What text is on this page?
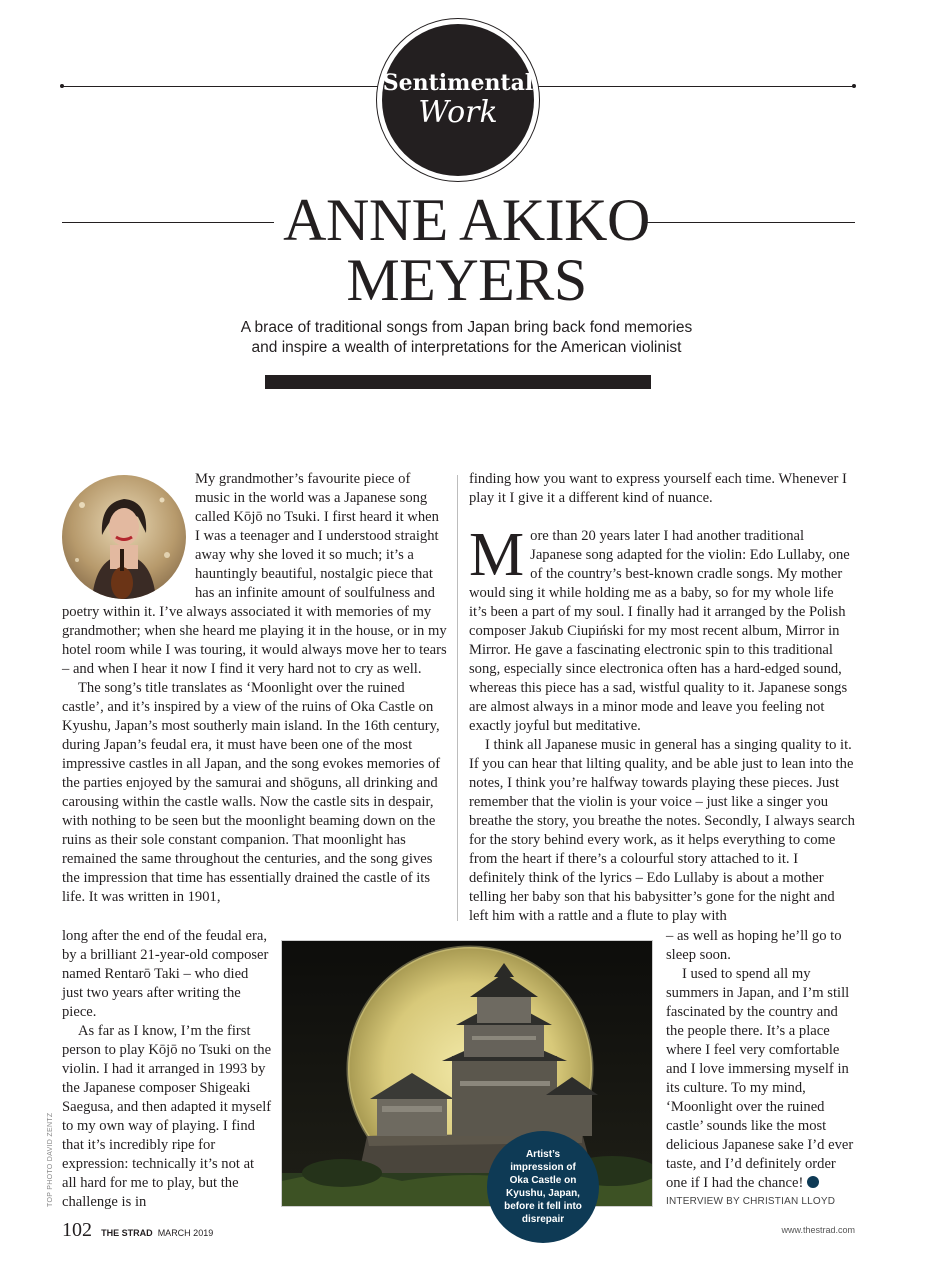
Sentimental
Work
ANNE AKIKO
MEYERS
A brace of traditional songs from Japan bring back fond memories
and inspire a wealth of interpretations for the American violinist
My grandmother’s favourite piece of
music in the world was a Japanese song
called Kōjō no Tsuki. I first heard it when
I was a teenager and I understood straight
away why she loved it so much; it’s a
hauntingly beautiful, nostalgic piece that
has an infinite amount of soulfulness and

poetry within it. I’ve always associated it with memories of my grandmother; when she heard me playing it in the house, or in my hotel room while I was touring, it would always move her to tears – and when I hear it now I find it very hard not to cry as well.

The song’s title translates as ‘Moonlight over the ruined castle’, and it’s inspired by a view of the ruins of Oka Castle on Kyushu, Japan’s most southerly main island. In the 16th century, during Japan’s feudal era, it must have been one of the most impressive castles in all Japan, and the song evokes memories of the parties enjoyed by the samurai and shōguns, all drinking and carousing within the castle walls. Now the castle sits in despair, with nothing to be seen but the moonlight beaming down on the ruins as their sole constant companion. That moonlight has remained the same throughout the centuries, and the song gives the impression that time has essentially drained the castle of its life. It was written in 1901,

long after the end of the feudal era, by a brilliant 21-year-old composer named Rentarō Taki – who died just two years after writing the piece.

As far as I know, I’m the first person to play Kōjō no Tsuki on the violin. I had it arranged in 1993 by the Japanese composer Shigeaki Saegusa, and then adapted it myself to my own way of playing. I find that it’s incredibly ripe for expression: technically it’s not at all hard for me to play, but the challenge is in

finding how you want to express yourself each time. Whenever I play it I give it a different kind of nuance.

M ore than 20 years later I had another traditional Japanese song adapted for the violin: Edo Lullaby, one of the country’s best-known cradle songs. My mother would sing it while holding me as a baby, so for my whole life it’s been a part of my soul. I finally had it arranged by the Polish composer Jakub Ciupiński for my most recent album, Mirror in Mirror. He gave a fascinating electronic spin to this traditional song, especially since electronica often has a hard-edged sound, whereas this piece has a sad, wistful quality to it. Japanese songs are almost always in a minor mode and leave you feeling not exactly joyful but meditative.

I think all Japanese music in general has a singing quality to it. If you can hear that lilting quality, and be able just to lean into the notes, I think you’re halfway towards playing these pieces. Just remember that the violin is your voice – just like a singer you breathe the story, you breathe the notes. Secondly, I always search for the story behind every work, as it helps everything to come from the heart if there’s a colourful story attached to it. I definitely think of the lyrics – Edo Lullaby is about a mother telling her baby son that his babysitter’s gone for the night and left him with a rattle and a flute to play with

– as well as hoping he’ll go to sleep soon.

I used to spend all my summers in Japan, and I’m still fascinated by the country and the people there. It’s a place where I feel very comfortable and I love immersing myself in its culture. To my mind, ‘Moonlight over the ruined castle’ sounds like the most delicious Japanese sake I’d ever taste, and I’d definitely order one if I had the chance!

INTERVIEW BY CHRISTIAN LLOYD
Artist’s impression of Oka Castle on Kyushu, Japan, before it fell into disrepair
TOP PHOTO DAVID ZENTZ
102 THE STRAD MARCH 2019	www.thestrad.com
